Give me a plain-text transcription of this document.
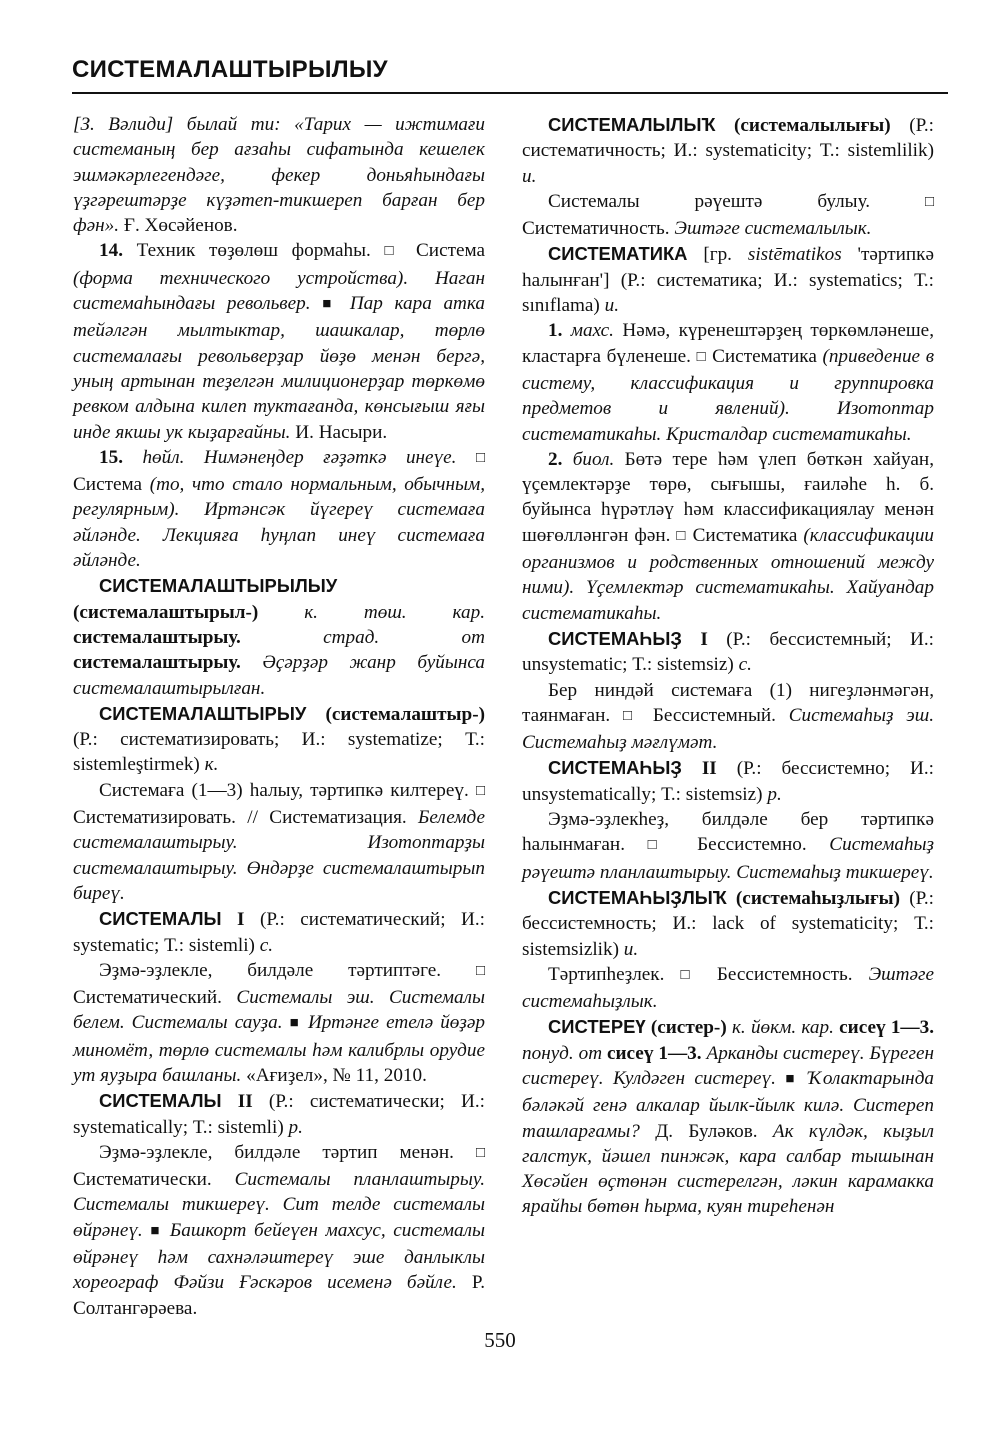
СИСТЕМАЛАШТЫРЫЛЫУ

[З. Вәлиди] былай ти: «Тарих — ижтимағи системаның бер ағзаһы сифатында кешелек эшмәкәрлегендәге, фекер доньяһындағы үҙгәрештәрҙе күҙәтеп-тикшереп барған бер фән». Ғ. Хөсәйенов.

14. Техник төҙөлөш формаһы. □ Система (форма технического устройства). Наган системаһындағы револьвер. ■ Пар кара атка тейәлгән мылтыктар, шашкалар, төрлө системалағы револьверҙар йөҙө менән бергә, уның артынан теҙелгән милиционерҙар төркөмө ревком алдына килеп туктағанда, көнсығыш яғы инде якшы ук кыҙарғайны. И. Насыри.

15. һөйл. Нимәнеңдер ғәҙәткә инеүе. □ Система (то, что стало нормальным, обычным, регулярным). Иртәнсәк йүгереү системаға әйләнде. Лекцияға һуңлап инеү системаға әйләнде.

СИСТЕМАЛАШТЫРЫЛЫУ (системалаштырыл-) к. төш. кар. системалаштырыу. страд. от системалаштырыу. Әҫәрҙәр жанр буйынса системалаштырылған.

СИСТЕМАЛАШТЫРЫУ (системалаштыр-) (Р.: систематизировать; И.: systematize; Т.: sistemleştirmek) к.

Системаға (1—3) һалыу, тәртипкә килтереү. □ Систематизировать. // Систематизация. Белемде системалаштырыу. Изотоптарҙы системалаштырыу. Өндәрҙе системалаштырып биреү.

СИСТЕМАЛЫ I (Р.: систематический; И.: systematic; Т.: sistemli) с.

Эҙмә-эҙлекле, билдәле тәртиптәге. □ Систематический. Системалы эш. Системалы белем. Системалы сауҙа. ■ Иртәнге етелә йөҙәр миномёт, төрлө системалы һәм калибрлы орудие ут яуҙыра башланы. «Ағиҙел», № 11, 2010.

СИСТЕМАЛЫ II (Р.: систематически; И.: systematically; Т.: sistemli) р.

Эҙмә-эҙлекле, билдәле тәртип менән. □ Систематически. Системалы планлаштырыу. Системалы тикшереү. Сит телде системалы өйрәнеү. ■ Башкорт бейеүен махсус, системалы өйрәнеү һәм сахнәләштереү эше данлыклы хореограф Фәйзи Ғәскәров исеменә бәйле. Р. Солтангәрәева.

СИСТЕМАЛЫЛЫҠ (системалылығы) (Р.: систематичность; И.: systematicity; Т.: sistemlilik) и.

Системалы рәүештә булыу. □ Систематичность. Эштәге системалылык.

СИСТЕМАТИКА [гр. sistēmatikos 'тәртипкә һалынған'] (Р.: систематика; И.: systematics; Т.: sınıflama) и.

1. махс. Нәмә, күренештәрҙең төркөмләнеше, кластарға бүленеше. □ Систематика (приведение в систему, классификация и группировка предметов и явлений). Изотоптар систематикаһы. Кристалдар систематикаһы.

2. биол. Бөтә тере һәм үлеп бөткән хайуан, үҫемлектәрҙе төрө, сығышы, ғаиләһе һ. б. буйынса һүрәтләү һәм классификациялау менән шөғөлләнгән фән. □ Систематика (классификации организмов и родственных отношений между ними). Үҫемлектәр систематикаһы. Хайуандар систематикаһы.

СИСТЕМАҺЫҘ I (Р.: бессистемный; И.: unsystematic; Т.: sistemsiz) с.

Бер ниндәй системаға (1) нигеҙләнмәгән, таянмаған. □ Бессистемный. Системаһыҙ эш. Системаһыҙ мәғлүмәт.

СИСТЕМАҺЫҘ II (Р.: бессистемно; И.: unsystematically; Т.: sistemsiz) р.

Эҙмә-эҙлекһеҙ, билдәле бер тәртипкә һалынмаған. □ Бессистемно. Системаһыҙ рәүештә планлаштырыу. Системаһыҙ тикшереү.

СИСТЕМАҺЫҘЛЫҠ (системаһыҙлығы) (Р.: бессистемность; И.: lack of systematicity; Т.: sistemsizlik) и.

Тәртипһеҙлек. □ Бессистемность. Эштәге системаһыҙлык.

СИСТЕРЕҮ (систер-) к. йөкм. кар. сисеү 1—3. понуд. от сисеү 1—3. Арканды систереү. Бүреген систереү. Кулдәген систереү. ■ Ҡолактарында бәләкәй генә алкалар йылк-йылк килә. Систереп ташларғамы? Д. Буләков. Ак күлдәк, кыҙыл галстук, йәшел пинжәк, кара салбар тышынан Хөсәйен өҫтөнән систерелгән, ләкин карамакка ярайһы бөтөн һырма, куян тиреһенән

550
